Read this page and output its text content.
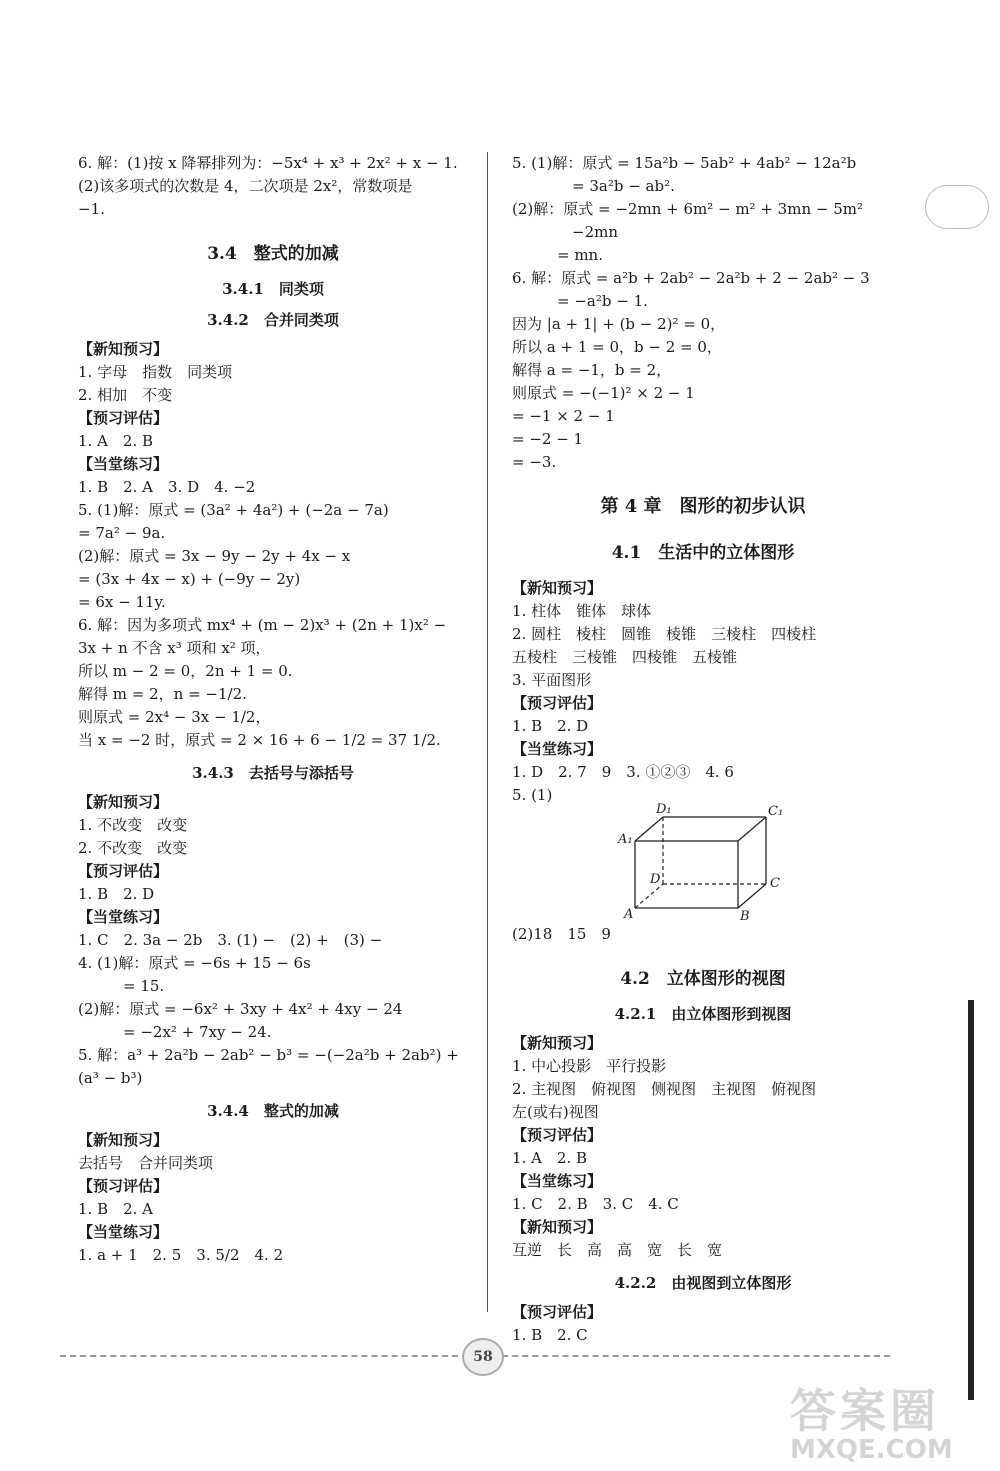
6. 解：(1)按 x 降幂排列为：−5x⁴ + x³ + 2x² + x − 1.
(2)该多项式的次数是 4，二次项是 2x²，常数项是
−1.
3.4　整式的加减
3.4.1　同类项
3.4.2　合并同类项
【新知预习】
1. 字母　指数　同类项
2. 相加　不变
【预习评估】
1. A　2. B
【当堂练习】
1. B　2. A　3. D　4. −2
5. (1)解：原式 = (3a² + 4a²) + (−2a − 7a)
= 7a² − 9a.
(2)解：原式 = 3x − 9y − 2y + 4x − x
= (3x + 4x − x) + (−9y − 2y)
= 6x − 11y.
6. 解：因为多项式 mx⁴ + (m − 2)x³ + (2n + 1)x² −
3x + n 不含 x³ 项和 x² 项，
所以 m − 2 = 0，2n + 1 = 0.
解得 m = 2，n = −1/2.
则原式 = 2x⁴ − 3x − 1/2，
当 x = −2 时，原式 = 2 × 16 + 6 − 1/2 = 37 1/2.
3.4.3　去括号与添括号
【新知预习】
1. 不改变　改变
2. 不改变　改变
【预习评估】
1. B　2. D
【当堂练习】
1. C　2. 3a − 2b　3. (1) −　(2) +　(3) −
4. (1)解：原式 = −6s + 15 − 6s
　　　= 15.
(2)解：原式 = −6x² + 3xy + 4x² + 4xy − 24
　　　= −2x² + 7xy − 24.
5. 解：a³ + 2a²b − 2ab² − b³ = −(−2a²b + 2ab²) +
(a³ − b³)
3.4.4　整式的加减
【新知预习】
去括号　合并同类项
【预习评估】
1. B　2. A
【当堂练习】
1. a + 1　2. 5　3. 5/2　4. 2
5. (1)解：原式 = 15a²b − 5ab² + 4ab² − 12a²b
　　　　= 3a²b − ab².
(2)解：原式 = −2mn + 6m² − m² + 3mn − 5m²
　　　　−2mn
　　　= mn.
6. 解：原式 = a²b + 2ab² − 2a²b + 2 − 2ab² − 3
　　　= −a²b − 1.
因为 |a + 1| + (b − 2)² = 0，
所以 a + 1 = 0，b − 2 = 0，
解得 a = −1，b = 2，
则原式 = −(−1)² × 2 − 1
= −1 × 2 − 1
= −2 − 1
= −3.
第 4 章　图形的初步认识
4.1　生活中的立体图形
【新知预习】
1. 柱体　锥体　球体
2. 圆柱　棱柱　圆锥　棱锥　三棱柱　四棱柱
五棱柱　三棱锥　四棱锥　五棱锥
3. 平面图形
【预习评估】
1. B　2. D
【当堂练习】
1. D　2. 7　9　3. ①②③　4. 6
5. (1)
D₁	C₁
A₁
D	C
A	B
(2)18　15　9
4.2　立体图形的视图
4.2.1　由立体图形到视图
【新知预习】
1. 中心投影　平行投影
2. 主视图　俯视图　侧视图　主视图　俯视图
左(或右)视图
【预习评估】
1. A　2. B
【当堂练习】
1. C　2. B　3. C　4. C
【新知预习】
互逆　长　高　高　宽　长　宽
4.2.2　由视图到立体图形
【预习评估】
1. B　2. C
58
答案圈
MXQE.COM
